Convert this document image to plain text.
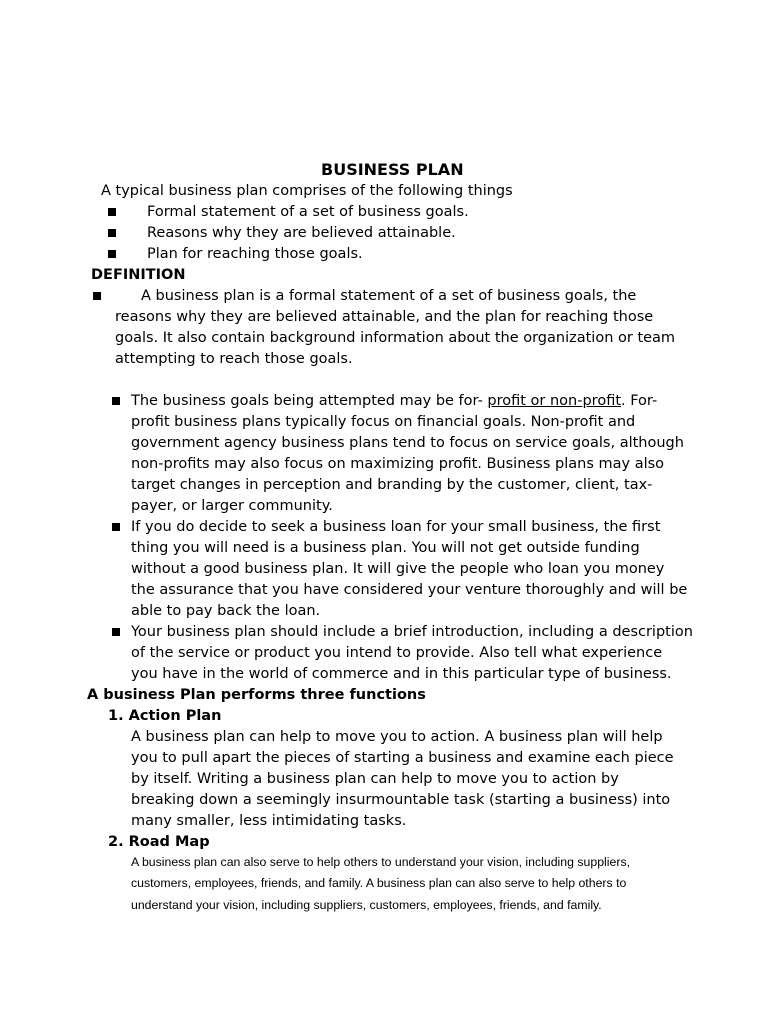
BUSINESS PLAN
A typical business plan comprises of the following things
Formal statement of a set of business goals.
Reasons why they are believed attainable.
Plan for reaching those goals.
DEFINITION
A business plan is a formal statement of a set of business goals, the
reasons why they are believed attainable, and the plan for reaching those
goals. It also contain background information about the organization or team
attempting to reach those goals.
The business goals being attempted may be for- profit or non-profit. For-
profit business plans typically focus on financial goals. Non-profit and
government agency business plans tend to focus on service goals, although
non-profits may also focus on maximizing profit. Business plans may also
target changes in perception and branding by the customer, client, tax-
payer, or larger community.
If you do decide to seek a business loan for your small business, the first
thing you will need is a business plan. You will not get outside funding
without a good business plan. It will give the people who loan you money
the assurance that you have considered your venture thoroughly and will be
able to pay back the loan.
Your business plan should include a brief introduction, including a description
of the service or product you intend to provide. Also tell what experience
you have in the world of commerce and in this particular type of business.
A business Plan performs three functions
1. Action Plan
A business plan can help to move you to action. A business plan will help
you to pull apart the pieces of starting a business and examine each piece
by itself. Writing a business plan can help to move you to action by
breaking down a seemingly insurmountable task (starting a business) into
many smaller, less intimidating tasks.
2. Road Map
A business plan can also serve to help others to understand your vision, including suppliers,
customers, employees, friends, and family. A business plan can also serve to help others to
understand your vision, including suppliers, customers, employees, friends, and family.
